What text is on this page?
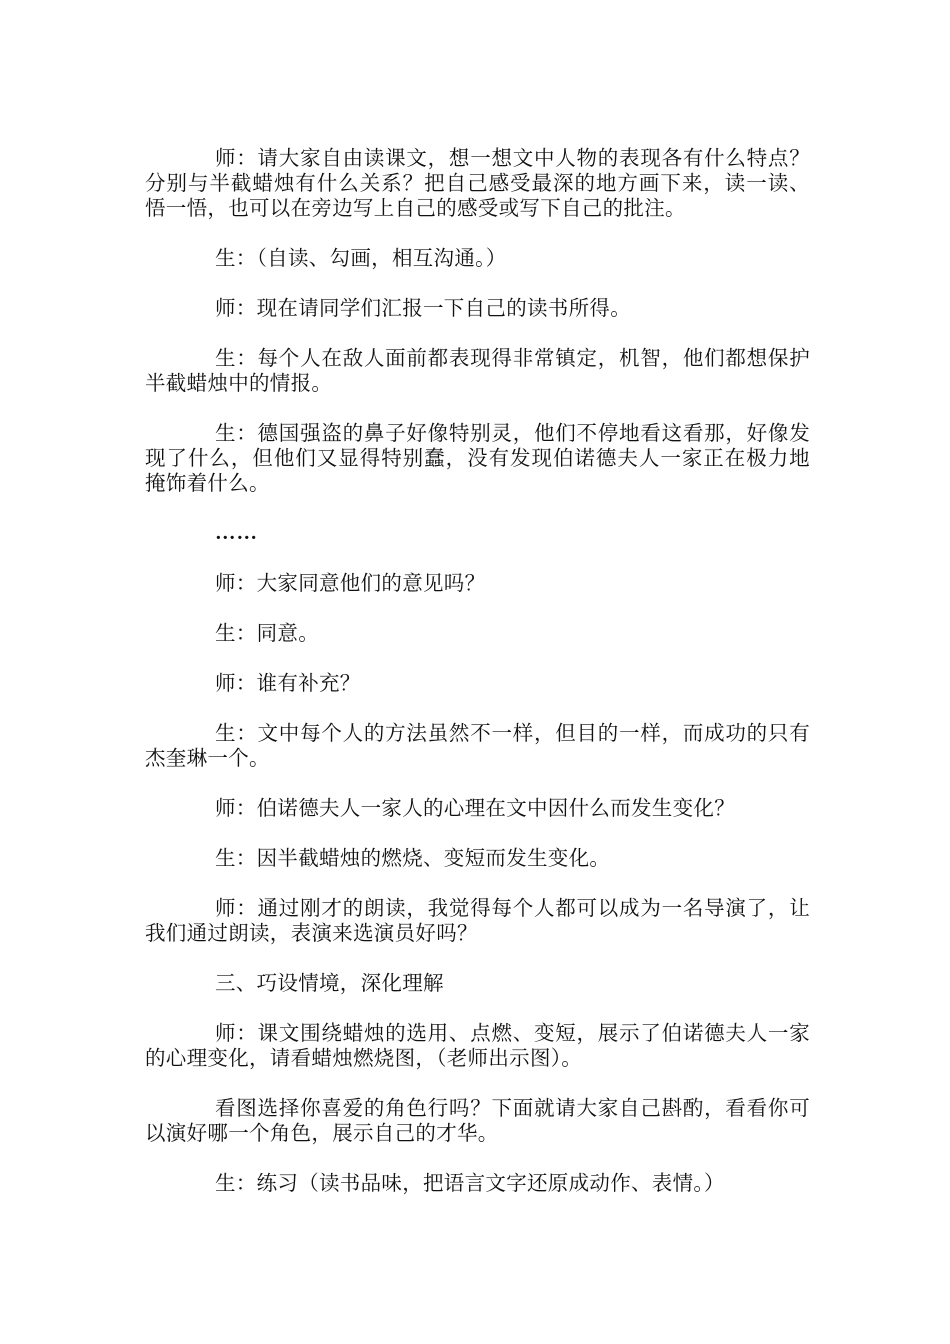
师：请大家自由读课文，想一想文中人物的表现各有什么特点？分别与半截蜡烛有什么关系？把自己感受最深的地方画下来，读一读、悟一悟，也可以在旁边写上自己的感受或写下自己的批注。

生：（自读、勾画，相互沟通。）

师：现在请同学们汇报一下自己的读书所得。

生：每个人在敌人面前都表现得非常镇定，机智，他们都想保护半截蜡烛中的情报。

生：德国强盗的鼻子好像特别灵，他们不停地看这看那，好像发现了什么，但他们又显得特别蠢，没有发现伯诺德夫人一家正在极力地掩饰着什么。

……

师：大家同意他们的意见吗？

生：同意。

师：谁有补充？

生：文中每个人的方法虽然不一样，但目的一样，而成功的只有杰奎琳一个。

师：伯诺德夫人一家人的心理在文中因什么而发生变化？

生：因半截蜡烛的燃烧、变短而发生变化。

师：通过刚才的朗读，我觉得每个人都可以成为一名导演了，让我们通过朗读，表演来选演员好吗？

三、巧设情境，深化理解

师：课文围绕蜡烛的选用、点燃、变短，展示了伯诺德夫人一家的心理变化，请看蜡烛燃烧图，（老师出示图）。

看图选择你喜爱的角色行吗？下面就请大家自己斟酌，看看你可以演好哪一个角色，展示自己的才华。

生：练习（读书品味，把语言文字还原成动作、表情。）
